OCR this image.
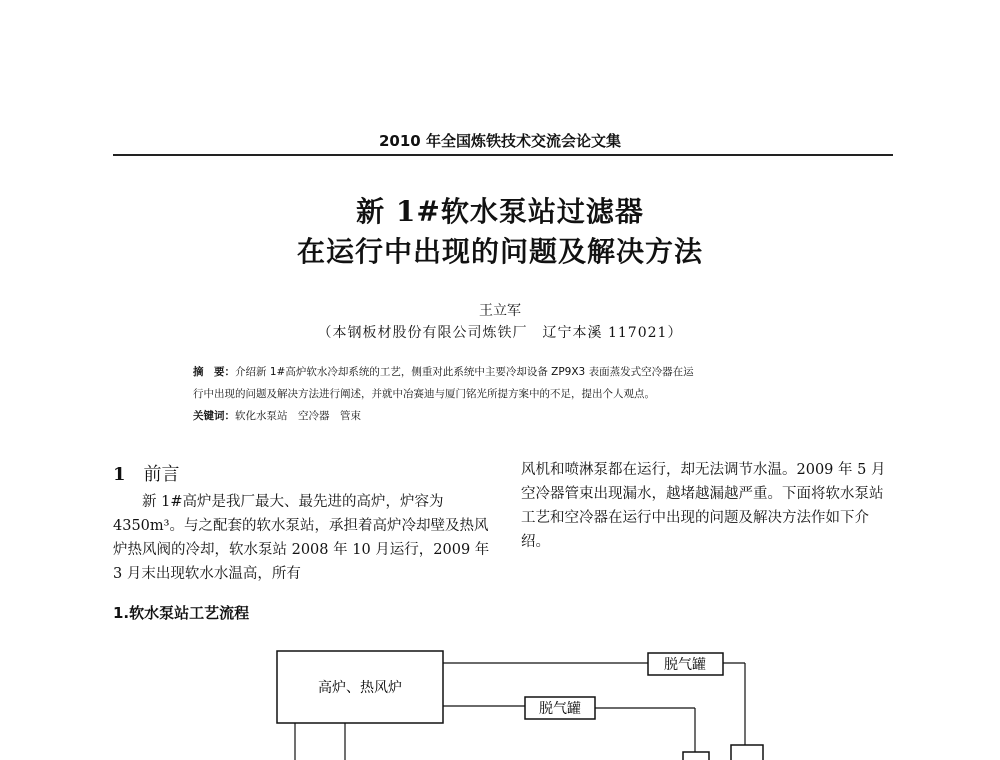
2010 年全国炼铁技术交流会论文集
新 1#软水泵站过滤器
在运行中出现的问题及解决方法
王立军
（本钢板材股份有限公司炼铁厂　辽宁本溪 117021）
摘　要：介绍新 1#高炉软水冷却系统的工艺，侧重对此系统中主要冷却设备 ZP9X3 表面蒸发式空冷器在运
行中出现的问题及解决方法进行阐述，并就中冶赛迪与厦门铭光所提方案中的不足，提出个人观点。
关键词：软化水泵站　空冷器　管束
1 前言

新 1#高炉是我厂最大、最先进的高炉，炉容为 4350m³。与之配套的软水泵站，承担着高炉冷却壁及热风炉热风阀的冷却，软水泵站 2008 年 10 月运行，2009 年 3 月末出现软水水温高，所有

风机和喷淋泵都在运行，却无法调节水温。2009 年 5 月空冷器管束出现漏水，越堵越漏越严重。下面将软水泵站工艺和空冷器在运行中出现的问题及解决方法作如下介绍。

1.软水泵站工艺流程
高炉、热风炉
脱气罐
脱气罐
